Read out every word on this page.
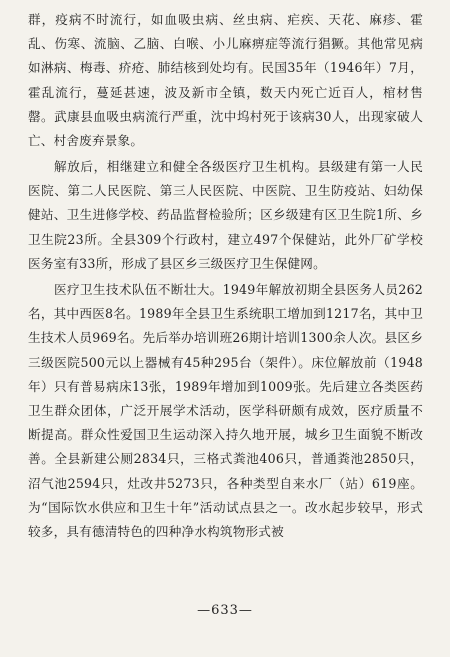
群，疫病不时流行，如血吸虫病、丝虫病、疟疾、天花、麻疹、霍乱、伤寒、流脑、乙脑、白喉、小儿麻痹症等流行猖獗。其他常见病如淋病、梅毒、疥疮、肺结核到处均有。民国35年（1946年）7月，霍乱流行，蔓延甚速，波及新市全镇，数天内死亡近百人，棺材售罄。武康县血吸虫病流行严重，沈中坞村死于该病30人，出现家破人亡、村舍废弃景象。

解放后，相继建立和健全各级医疗卫生机构。县级建有第一人民医院、第二人民医院、第三人民医院、中医院、卫生防疫站、妇幼保健站、卫生进修学校、药品监督检验所；区乡级建有区卫生院1所、乡卫生院23所。全县309个行政村，建立497个保健站，此外厂矿学校医务室有33所，形成了县区乡三级医疗卫生保健网。

医疗卫生技术队伍不断壮大。1949年解放初期全县医务人员262名，其中西医8名。1989年全县卫生系统职工增加到1217名，其中卫生技术人员969名。先后举办培训班26期计培训1300余人次。县区乡三级医院500元以上器械有45种295台（架件）。床位解放前（1948年）只有普易病床13张，1989年增加到1009张。先后建立各类医药卫生群众团体，广泛开展学术活动，医学科研颇有成效，医疗质量不断提高。群众性爱国卫生运动深入持久地开展，城乡卫生面貌不断改善。全县新建公厕2834只，三格式粪池406只，普通粪池2850只，沼气池2594只，灶改井5273只，各种类型自来水厂（站）619座。为“国际饮水供应和卫生十年”活动试点县之一。改水起步较早，形式较多，具有德清特色的四种净水构筑物形式被

—633—
